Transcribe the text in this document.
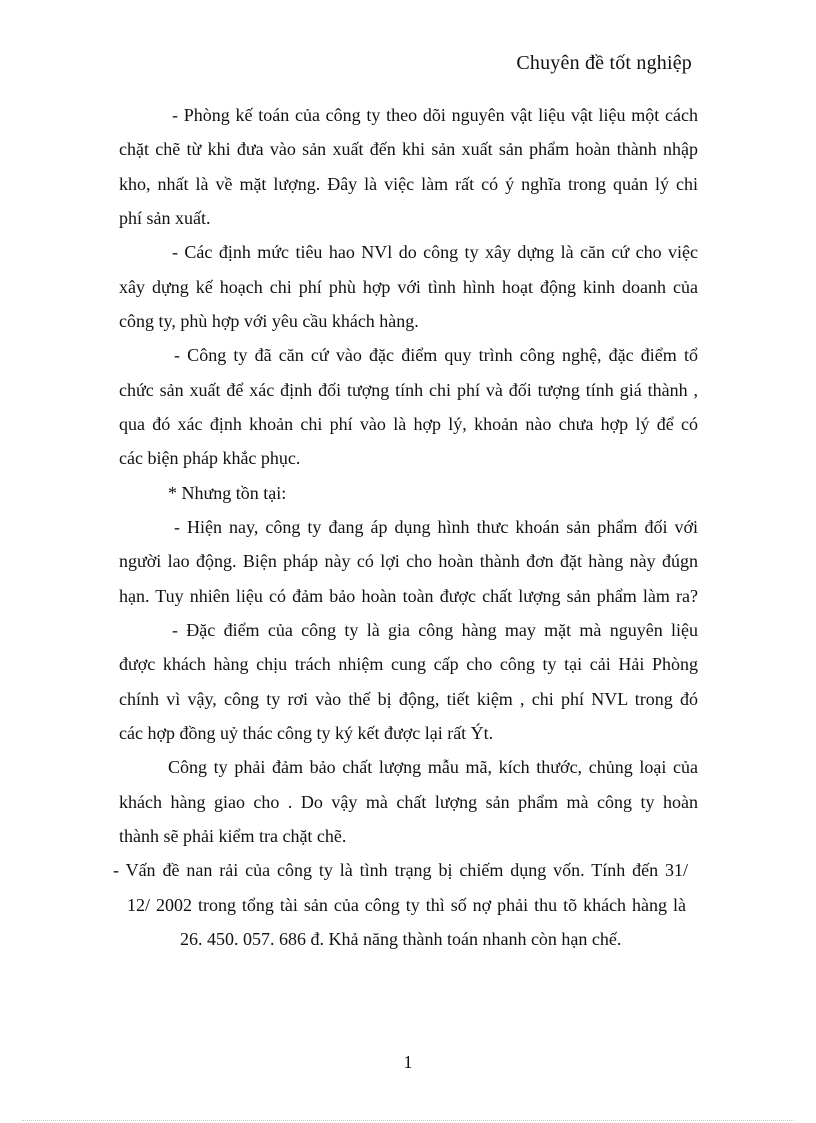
Chuyên đề tốt nghiệp
- Phòng kế toán của công ty theo dõi nguyên vật liệu vật liệu một cách
chặt chẽ từ khi đưa vào sản xuất đến khi sản xuất sản phẩm hoàn thành nhập
kho, nhất là về mặt lượng. Đây là việc làm rất có ý nghĩa trong quản lý chi
phí sản xuất.
- Các định mức tiêu hao NVl do công ty xây dựng là căn cứ cho việc
xây dựng kế hoạch chi phí phù hợp với tình hình hoạt động kinh doanh của
công ty, phù hợp với yêu cầu khách hàng.
- Công ty đã căn cứ vào đặc điểm quy trình công nghệ, đặc điểm tổ
chức sản xuất để xác định đối tượng tính chi phí và đối tượng tính giá thành ,
qua đó xác định khoản chi phí vào là hợp lý, khoản nào chưa hợp lý để có
các biện pháp khắc phục.
* Nhưng tồn tại:
- Hiện nay, công ty đang áp dụng hình thưc khoán sản phẩm đối với
người lao động. Biện pháp này có lợi cho hoàn thành đơn đặt hàng này đúgn
hạn. Tuy nhiên liệu có đảm bảo hoàn toàn được chất lượng sản phẩm làm ra?
- Đặc điểm của công ty là gia công hàng may mặt mà nguyên liệu
được khách hàng chịu trách nhiệm cung cấp cho công ty tại cải Hải Phòng
chính vì vậy, công ty rơi vào thế bị động, tiết kiệm , chi phí NVL trong đó
các hợp đồng uỷ thác công ty ký kết được lại rất Ýt.
Công ty phải đảm bảo chất lượng mẫu mã, kích thước, chủng loại của
khách hàng giao cho . Do vậy mà chất lượng sản phẩm mà công ty hoàn
thành sẽ phải kiểm tra chặt chẽ.
- Vấn đề nan rải của công ty là tình trạng bị chiếm dụng vốn. Tính đến 31/
12/ 2002 trong tổng tài sản của công ty thì số nợ phải thu tõ khách hàng là
26. 450. 057. 686 đ. Khả năng thành toán nhanh còn hạn chế.
1
